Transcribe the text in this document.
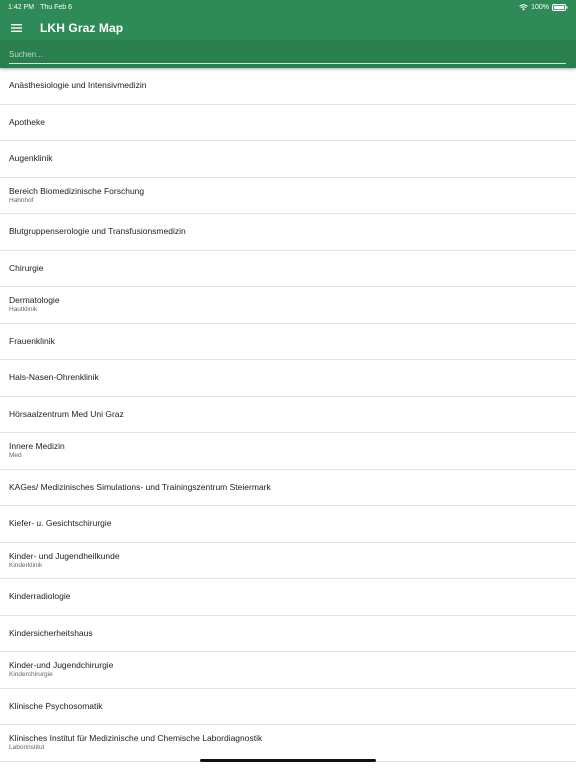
1:42 PM Thu Feb 6	100%
LKH Graz Map
Suchen...
Anästhesiologie und Intensivmedizin
Apotheke
Augenklinik
Bereich Biomedizinische Forschung
Hahnhof
Blutgruppenserologie und Transfusionsmedizin
Chirurgie
Dermatologie
Hautklinik
Frauenklinik
Hals-Nasen-Ohrenklinik
Hörsaalzentrum Med Uni Graz
Innere Medizin
Med
KAGes/ Medizinisches Simulations- und Trainingszentrum Steiermark
Kiefer- u. Gesichtschirurgie
Kinder- und Jugendheilkunde
Kinderklinik
Kinderradiologie
Kindersicherheitshaus
Kinder-und Jugendchirurgie
Kinderchirurgie
Klinische Psychosomatik
Klinisches Institut für Medizinische und Chemische Labordiagnostik
Laborinstitut
